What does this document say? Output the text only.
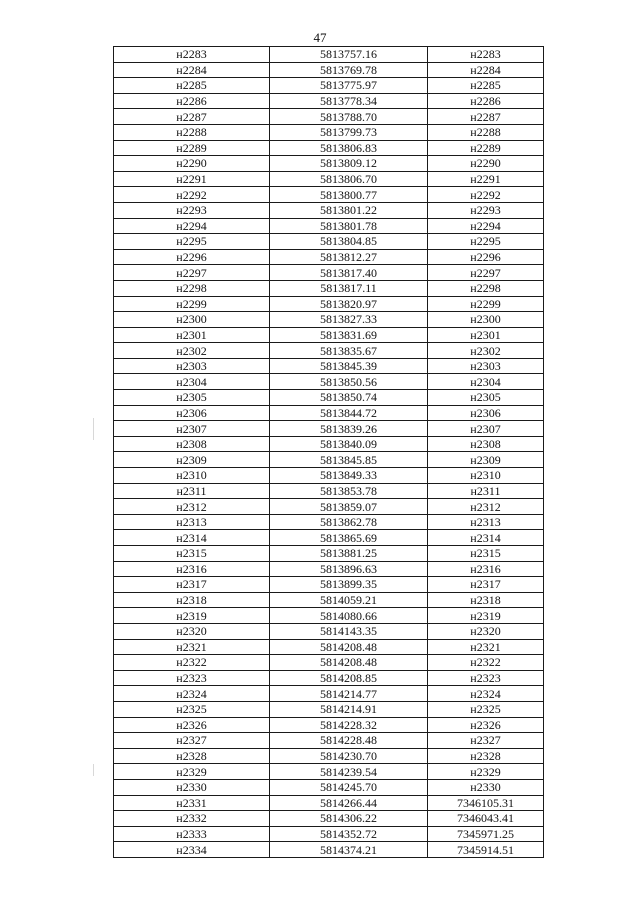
47
н2283	5813757.16	н2283
н2284	5813769.78	н2284
н2285	5813775.97	н2285
н2286	5813778.34	н2286
н2287	5813788.70	н2287
н2288	5813799.73	н2288
н2289	5813806.83	н2289
н2290	5813809.12	н2290
н2291	5813806.70	н2291
н2292	5813800.77	н2292
н2293	5813801.22	н2293
н2294	5813801.78	н2294
н2295	5813804.85	н2295
н2296	5813812.27	н2296
н2297	5813817.40	н2297
н2298	5813817.11	н2298
н2299	5813820.97	н2299
н2300	5813827.33	н2300
н2301	5813831.69	н2301
н2302	5813835.67	н2302
н2303	5813845.39	н2303
н2304	5813850.56	н2304
н2305	5813850.74	н2305
н2306	5813844.72	н2306
н2307	5813839.26	н2307
н2308	5813840.09	н2308
н2309	5813845.85	н2309
н2310	5813849.33	н2310
н2311	5813853.78	н2311
н2312	5813859.07	н2312
н2313	5813862.78	н2313
н2314	5813865.69	н2314
н2315	5813881.25	н2315
н2316	5813896.63	н2316
н2317	5813899.35	н2317
н2318	5814059.21	н2318
н2319	5814080.66	н2319
н2320	5814143.35	н2320
н2321	5814208.48	н2321
н2322	5814208.48	н2322
н2323	5814208.85	н2323
н2324	5814214.77	н2324
н2325	5814214.91	н2325
н2326	5814228.32	н2326
н2327	5814228.48	н2327
н2328	5814230.70	н2328
н2329	5814239.54	н2329
н2330	5814245.70	н2330
н2331	5814266.44	7346105.31
н2332	5814306.22	7346043.41
н2333	5814352.72	7345971.25
н2334	5814374.21	7345914.51
